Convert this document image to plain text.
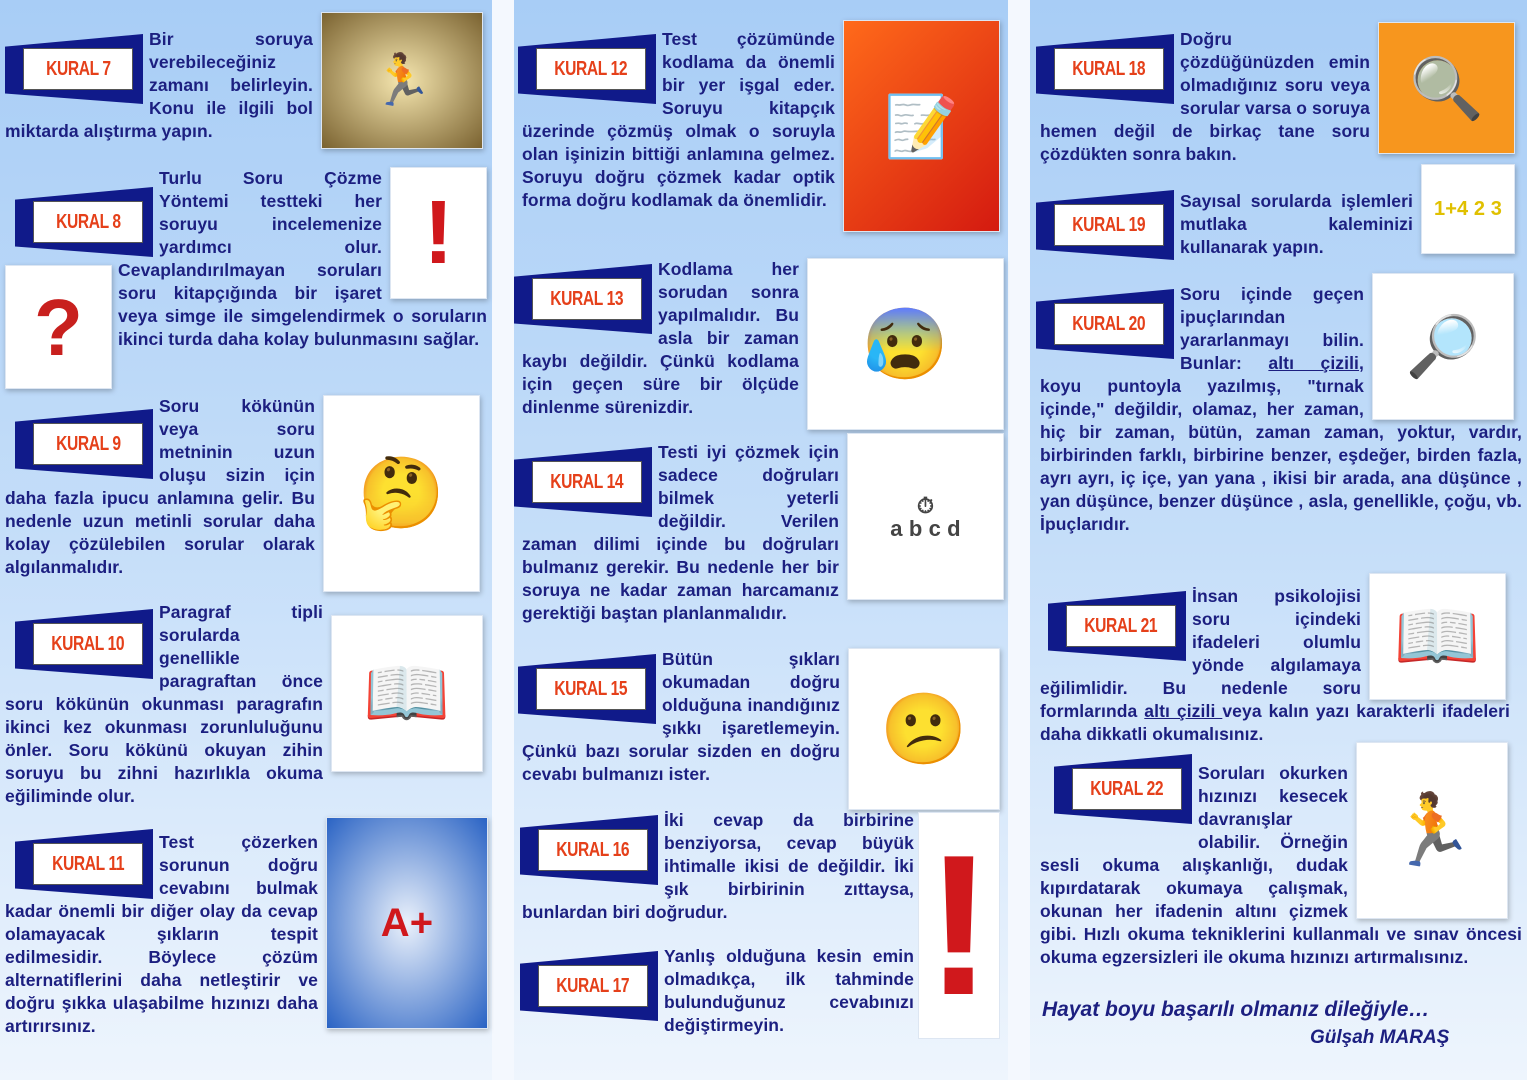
🏃
KURAL 7
Bir soruya verebileceğiniz zamanı belirleyin. Konu ile ilgili bol miktarda alıştırma yapın.
!
KURAL 8
?
Turlu Soru Çözme Yöntemi testteki her soruyu incelemenize yardımcı olur. Cevaplandırılmayan soruları soru kitapçığında bir işaret veya simge ile simgelendirmek o soruların ikinci turda daha kolay bulunmasını sağlar.
🤔
KURAL 9
Soru kökünün veya soru metninin uzun oluşu sizin için daha fazla ipucu anlamına gelir. Bu nedenle uzun metinli sorular daha kolay çözülebilen sorular olarak algılanmalıdır.
📖
KURAL 10
Paragraf tipli sorularda genellikle paragraftan önce soru kökünün okunması paragrafın ikinci kez okunması zorunluluğunu önler. Soru kökünü okuyan zihin soruyu bu zihni hazırlıkla okuma eğiliminde olur.
A+
KURAL 11
Test çözerken sorunun doğru cevabını bulmak kadar önemli bir diğer olay da cevap olamayacak şıkların tespit edilmesidir. Böylece çözüm alternatiflerini daha netleştirir ve doğru şıkka ulaşabilme hızınızı daha artırırsınız.
📝
KURAL 12
Test çözümünde kodlama da önemli bir yer işgal eder. Soruyu kitapçık üzerinde çözmüş olmak o soruyla olan işinizin bittiği anlamına gelmez. Soruyu doğru çözmek kadar optik forma doğru kodlamak da önemlidir.
😰
KURAL 13
Kodlama her sorudan sonra yapılmalıdır. Bu asla bir zaman kaybı değildir. Çünkü kodlama için geçen süre bir ölçüde dinlenme sürenizdir.
⏱
a b c d
KURAL 14
Testi iyi çözmek için sadece doğruları bilmek yeterli değildir. Verilen zaman dilimi içinde bu doğruları bulmanız gerekir. Bu nedenle her bir soruya ne kadar zaman harcamanız gerektiği baştan planlanmalıdır.
😕
KURAL 15
Bütün şıkları okumadan doğru olduğuna inandığınız şıkkı işaretlemeyin. Çünkü bazı sorular sizden en doğru cevabı bulmanızı ister.
KURAL 16
İki cevap da birbirine benziyorsa, cevap büyük ihtimalle ikisi de değildir. İki şık birbirinin zıttaysa, bunlardan biri doğrudur. !
KURAL 17
Yanlış olduğuna kesin emin olmadıkça, ilk tahminde bulunduğunuz cevabınızı değiştirmeyin.
🔍
KURAL 18
Doğru çözdüğünüzden emin olmadığınız soru veya sorular varsa o soruya hemen değil de birkaç tane soru çözdükten sonra bakın.
1+4 2 3
KURAL 19
Sayısal sorularda işlemleri mutlaka kaleminizi kullanarak yapın.
🔎
KURAL 20
Soru içinde geçen ipuçlarından yararlanmayı bilin. Bunlar: altı çizili, koyu puntoyla yazılmış, "tırnak içinde," değildir, olamaz, her zaman, hiç bir zaman, bütün, zaman zaman, yoktur, vardır, birbirinden farklı, birbirine benzer, eşdeğer, birden fazla, ayrı ayrı, iç içe, yan yana , ikisi bir arada, ana düşünce , yan düşünce, benzer düşünce , asla, genellikle, çoğu, vb. İpuçlarıdır.
📖
KURAL 21
İnsan psikolojisi soru içindeki ifadeleri olumlu yönde algılamaya eğilimlidir. Bu nedenle soru formlarında altı çizili veya kalın yazı karakterli ifadeleri daha dikkatli okumalısınız.
🏃
KURAL 22
Soruları okurken hızınızı kesecek davranışlar olabilir. Örneğin sesli okuma alışkanlığı, dudak kıpırdatarak okumaya çalışmak, okunan her ifadenin altını çizmek gibi. Hızlı okuma tekniklerini kullanmalı ve sınav öncesi okuma egzersizleri ile okuma hızınızı artırmalısınız.
Hayat boyu başarılı olmanız dileğiyle…
Gülşah MARAŞ
